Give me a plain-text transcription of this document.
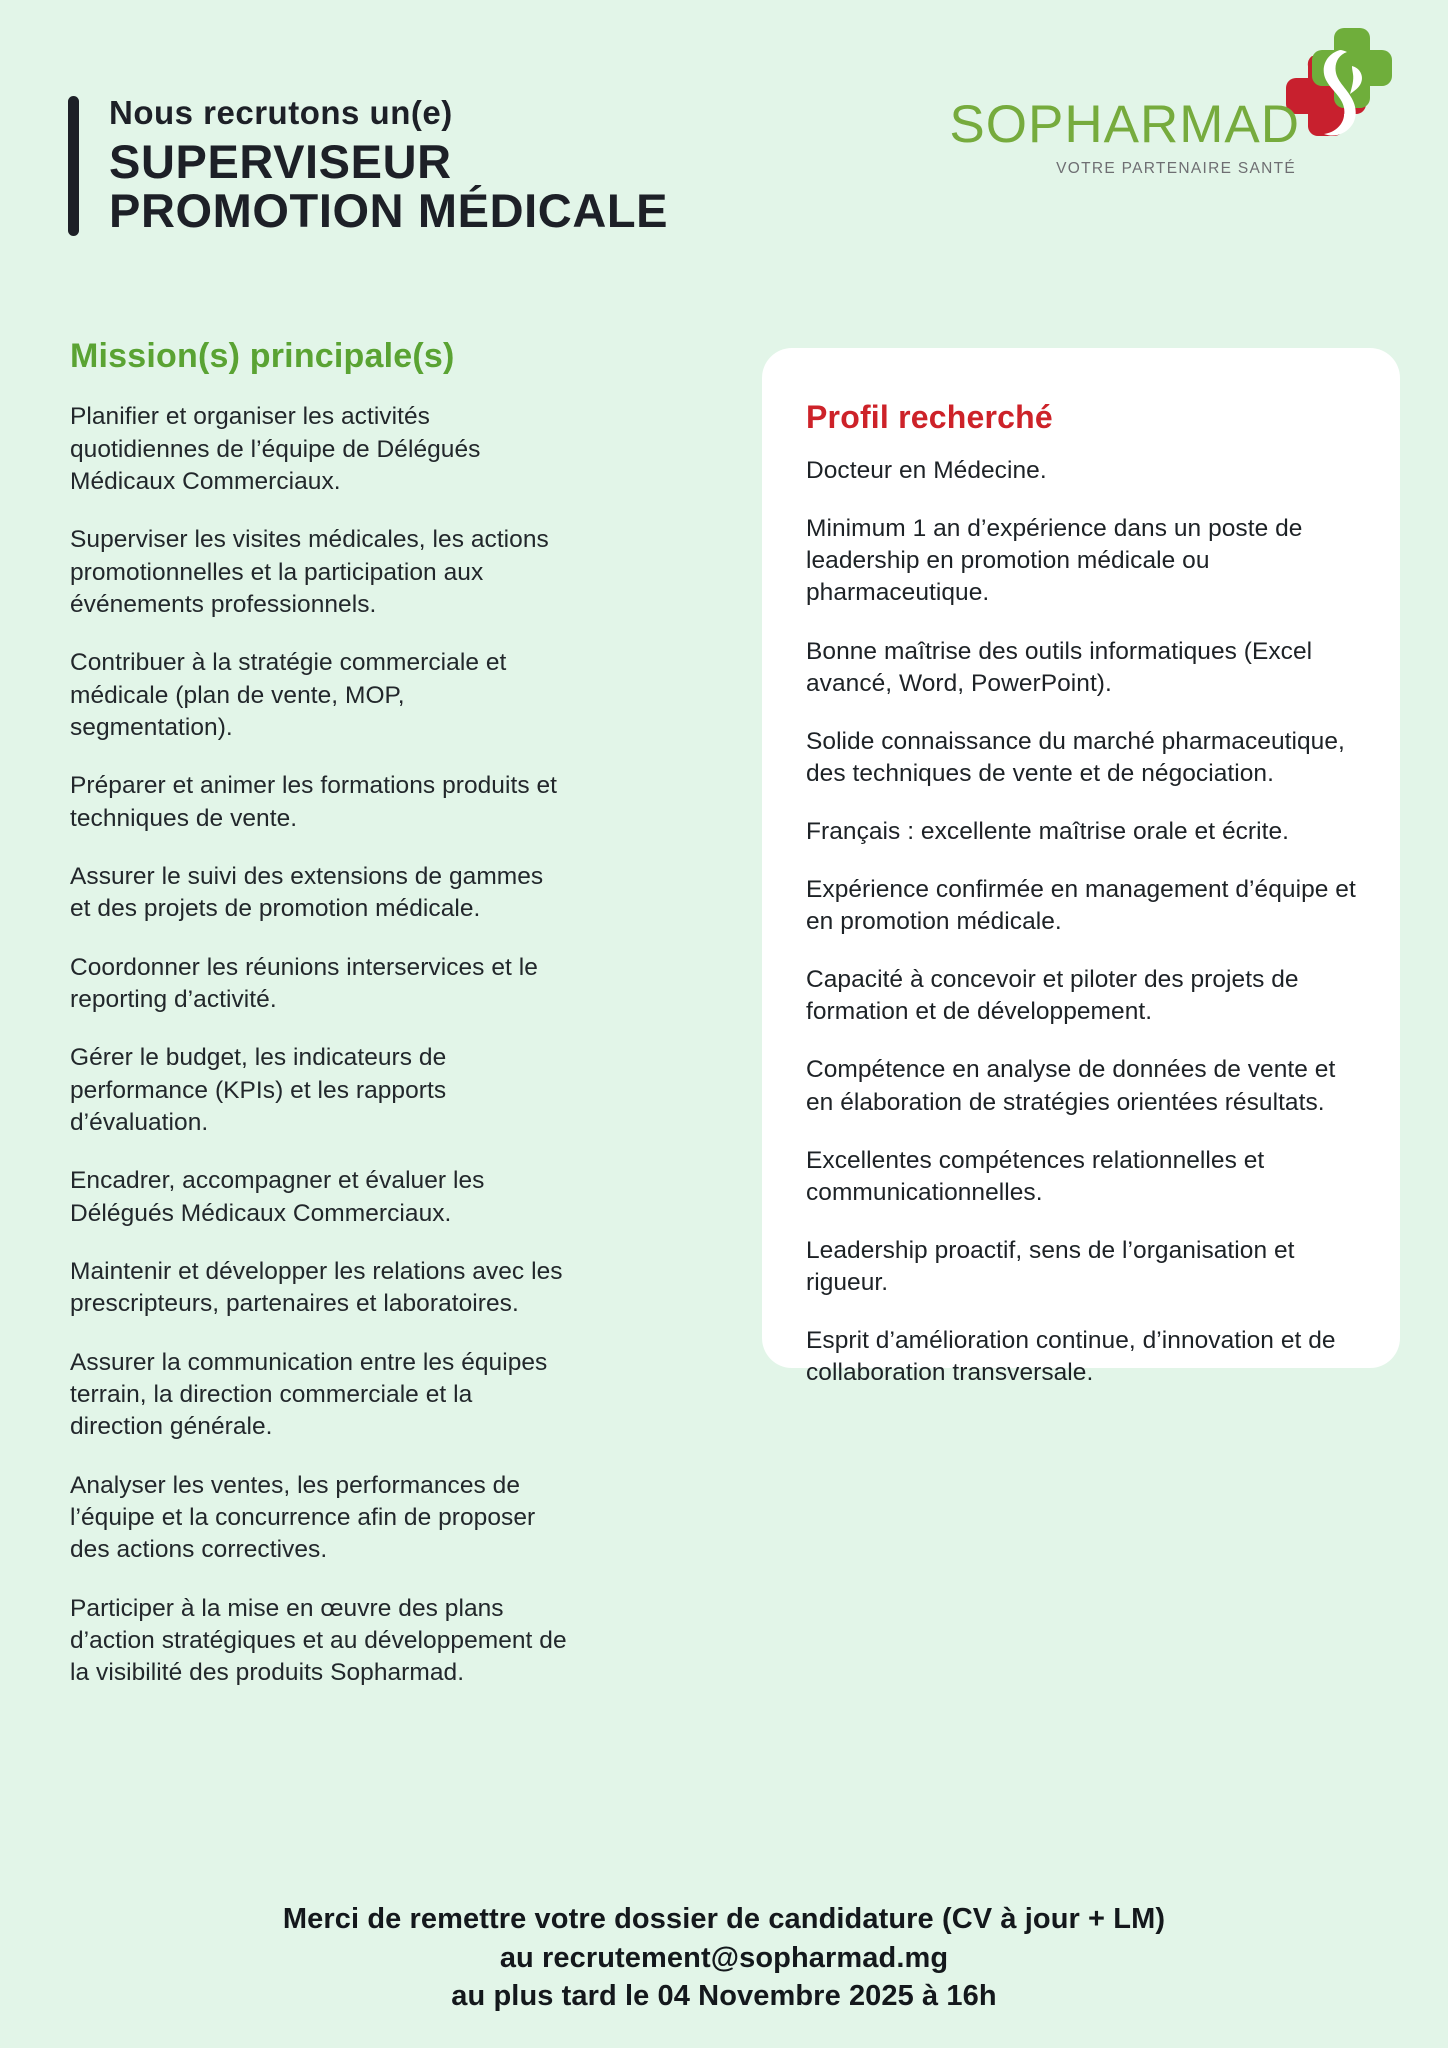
Nous recrutons un(e)

SUPERVISEUR
PROMOTION MÉDICALE
SOPHARMAD
VOTRE PARTENAIRE SANTÉ
Mission(s) principale(s)

Planifier et organiser les activités quotidiennes de l’équipe de Délégués Médicaux Commerciaux.

Superviser les visites médicales, les actions promotionnelles et la participation aux événements professionnels.

Contribuer à la stratégie commerciale et médicale (plan de vente, MOP, segmentation).

Préparer et animer les formations produits et techniques de vente.

Assurer le suivi des extensions de gammes et des projets de promotion médicale.

Coordonner les réunions interservices et le reporting d’activité.

Gérer le budget, les indicateurs de performance (KPIs) et les rapports d’évaluation.

Encadrer, accompagner et évaluer les Délégués Médicaux Commerciaux.

Maintenir et développer les relations avec les prescripteurs, partenaires et laboratoires.

Assurer la communication entre les équipes terrain, la direction commerciale et la direction générale.

Analyser les ventes, les performances de l’équipe et la concurrence afin de proposer des actions correctives.

Participer à la mise en œuvre des plans d’action stratégiques et au développement de la visibilité des produits Sopharmad.

Profil recherché

Docteur en Médecine.

Minimum 1 an d’expérience dans un poste de leadership en promotion médicale ou pharmaceutique.

Bonne maîtrise des outils informatiques (Excel avancé, Word, PowerPoint).

Solide connaissance du marché pharmaceutique, des techniques de vente et de négociation.

Français : excellente maîtrise orale et écrite.

Expérience confirmée en management d’équipe et en promotion médicale.

Capacité à concevoir et piloter des projets de formation et de développement.

Compétence en analyse de données de vente et en élaboration de stratégies orientées résultats.

Excellentes compétences relationnelles et communicationnelles.

Leadership proactif, sens de l’organisation et rigueur.

Esprit d’amélioration continue, d’innovation et de collaboration transversale.

Merci de remettre votre dossier de candidature (CV à jour + LM)

au recrutement@sopharmad.mg

au plus tard le 04 Novembre 2025 à 16h
